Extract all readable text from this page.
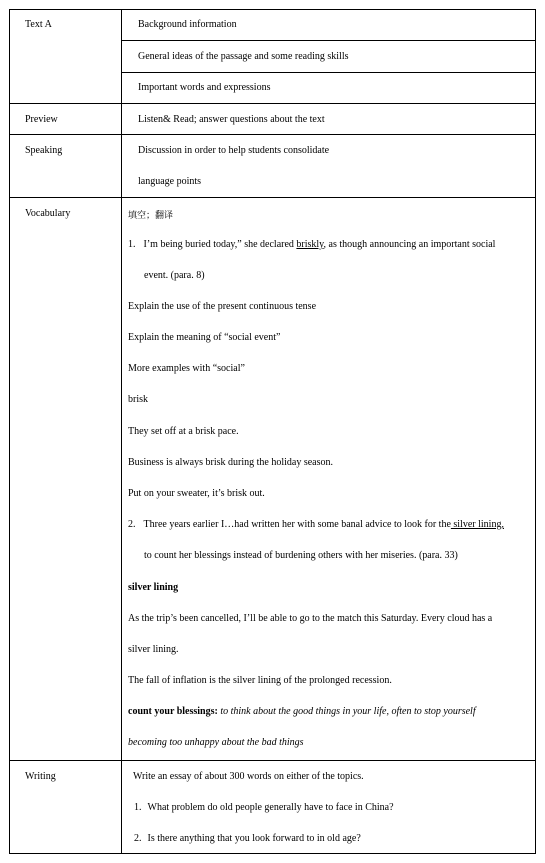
Text A	Background information
General ideas of the passage and some reading skills
Important words and expressions
Preview	Listen& Read; answer questions about the text
Speaking	Discussion in order to help students consolidate
language points
Vocabulary	填空；翻译
1. I’m being buried today,” she declared briskly, as though announcing an important social
event. (para. 8)
Explain the use of the present continuous tense
Explain the meaning of “social event”
More examples with “social”
brisk
They set off at a brisk pace.
Business is always brisk during the holiday season.
Put on your sweater, it’s brisk out.
2. Three years earlier I…had written her with some banal advice to look for the silver lining,
to count her blessings instead of burdening others with her miseries. (para. 33)
silver lining
As the trip’s been cancelled, I’ll be able to go to the match this Saturday. Every cloud has a
silver lining.
The fall of inflation is the silver lining of the prolonged recession.
count your blessings: to think about the good things in your life, often to stop yourself
becoming too unhappy about the bad things
Writing	Write an essay of about 300 words on either of the topics.
1. What problem do old people generally have to face in China?
2. Is there anything that you look forward to in old age?
